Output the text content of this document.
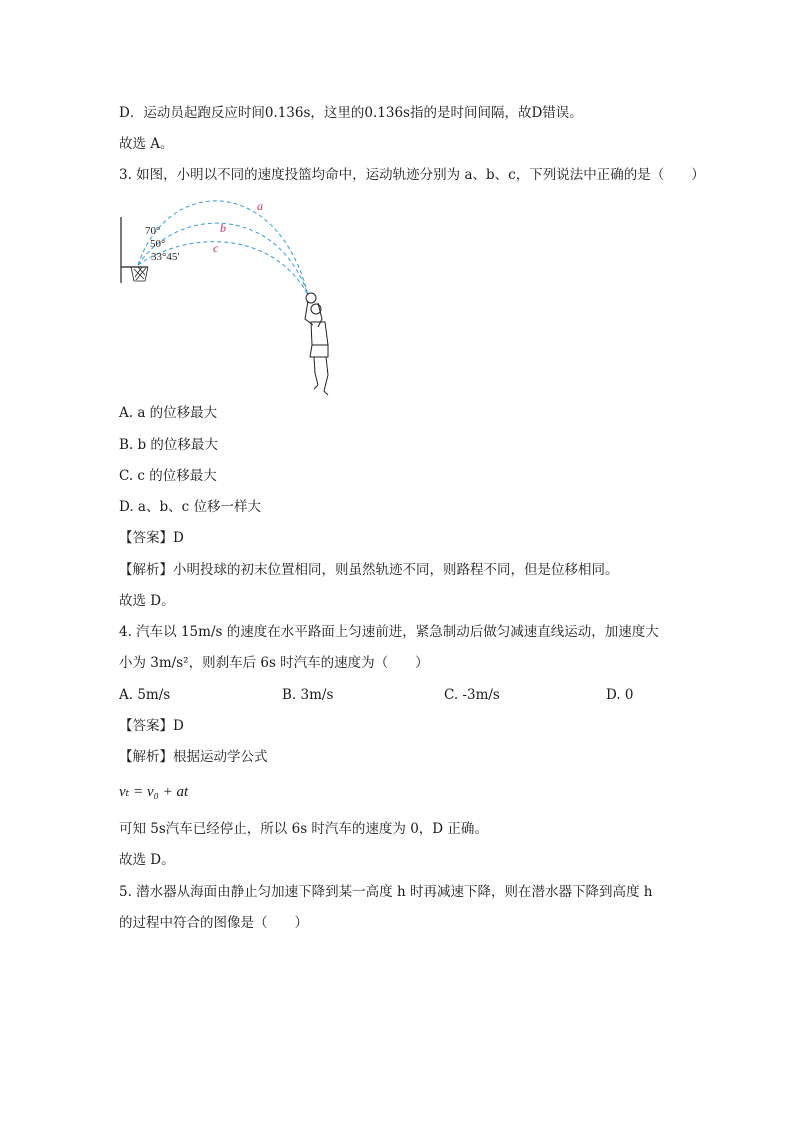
D．运动员起跑反应时间0.136s，这里的0.136s指的是时间间隔，故D错误。
故选 A。
3. 如图，小明以不同的速度投篮均命中，运动轨迹分别为 a、b、c，下列说法中正确的是（　　）
a
b
c
70°
50°
33°45′
A. a 的位移最大
B. b 的位移最大
C. c 的位移最大
D. a、b、c 位移一样大
【答案】D
【解析】小明投球的初末位置相同，则虽然轨迹不同，则路程不同，但是位移相同。
故选 D。
4. 汽车以 15m/s 的速度在水平路面上匀速前进，紧急制动后做匀减速直线运动，加速度大
小为 3m/s²，则刹车后 6s 时汽车的速度为（　　）
A. 5m/s	B. 3m/s	C. -3m/s	D. 0
【答案】D
【解析】根据运动学公式
vₜ = v₀ + at
可知 5s汽车已经停止，所以 6s 时汽车的速度为 0，D 正确。
故选 D。
5. 潜水器从海面由静止匀加速下降到某一高度 h 时再减速下降，则在潜水器下降到高度 h
的过程中符合的图像是（　　）
